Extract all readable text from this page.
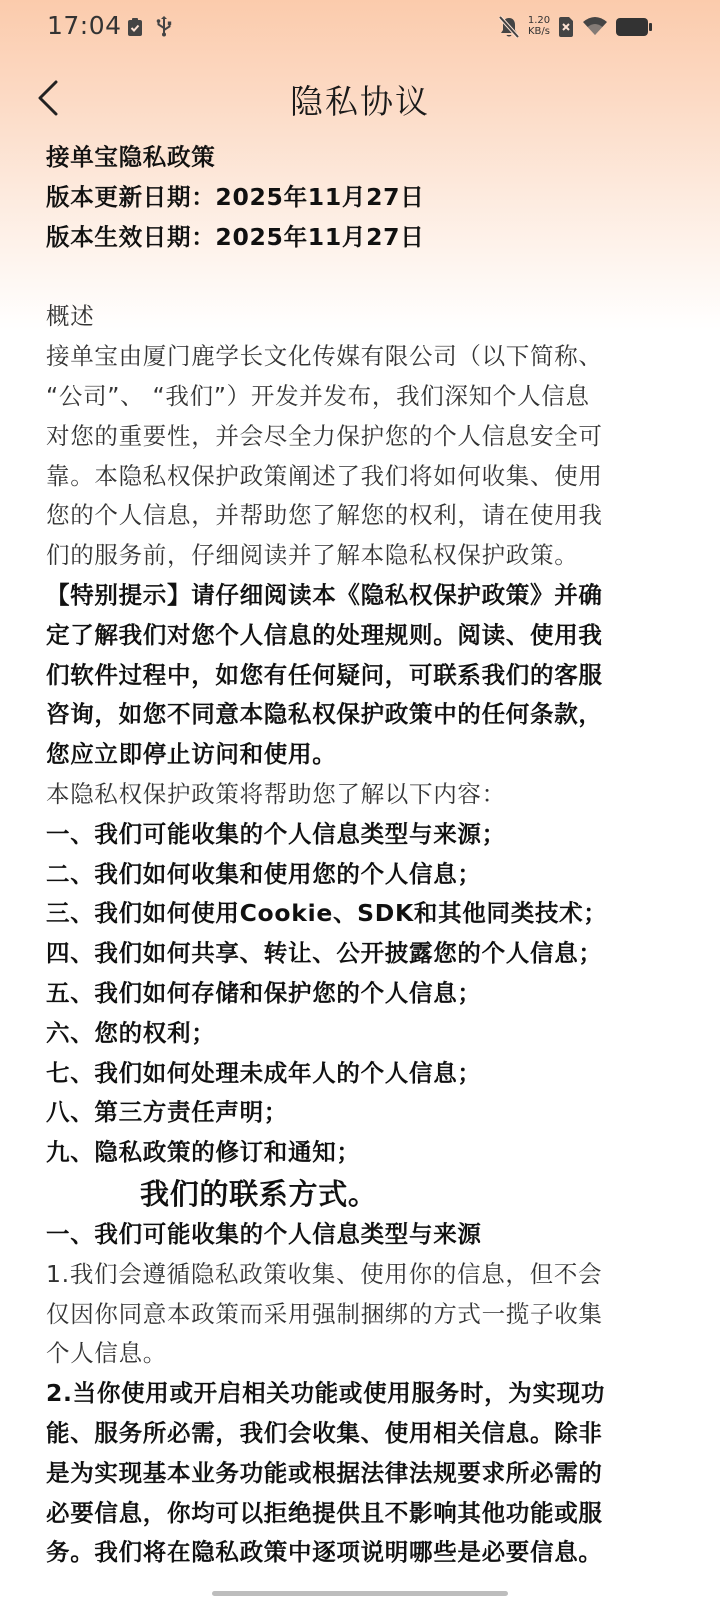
17:04	1.20
KB/s
隐私协议

接单宝隐私政策

版本更新日期：2025年11月27日

版本生效日期：2025年11月27日

概述

接单宝由厦门鹿学长文化传媒有限公司（以下简称、
“公司”、 “我们”）开发并发布，我们深知个人信息
对您的重要性，并会尽全力保护您的个人信息安全可
靠。本隐私权保护政策阐述了我们将如何收集、使用
您的个人信息，并帮助您了解您的权利，请在使用我
们的服务前，仔细阅读并了解本隐私权保护政策。

【特别提示】请仔细阅读本《隐私权保护政策》并确
定了解我们对您个人信息的处理规则。阅读、使用我
们软件过程中，如您有任何疑问，可联系我们的客服
咨询，如您不同意本隐私权保护政策中的任何条款，
您应立即停止访问和使用。

本隐私权保护政策将帮助您了解以下内容：

一、我们可能收集的个人信息类型与来源；

二、我们如何收集和使用您的个人信息；

三、我们如何使用Cookie、SDK和其他同类技术；

四、我们如何共享、转让、公开披露您的个人信息；

五、我们如何存储和保护您的个人信息；

六、您的权利；

七、我们如何处理未成年人的个人信息；

八、第三方责任声明；

九、隐私政策的修订和通知；

我们的联系方式。

一、我们可能收集的个人信息类型与来源

1.我们会遵循隐私政策收集、使用你的信息，但不会
仅因你同意本政策而采用强制捆绑的方式一揽子收集
个人信息。

2.当你使用或开启相关功能或使用服务时，为实现功
能、服务所必需，我们会收集、使用相关信息。除非
是为实现基本业务功能或根据法律法规要求所必需的
必要信息，你均可以拒绝提供且不影响其他功能或服
务。我们将在隐私政策中逐项说明哪些是必要信息。
